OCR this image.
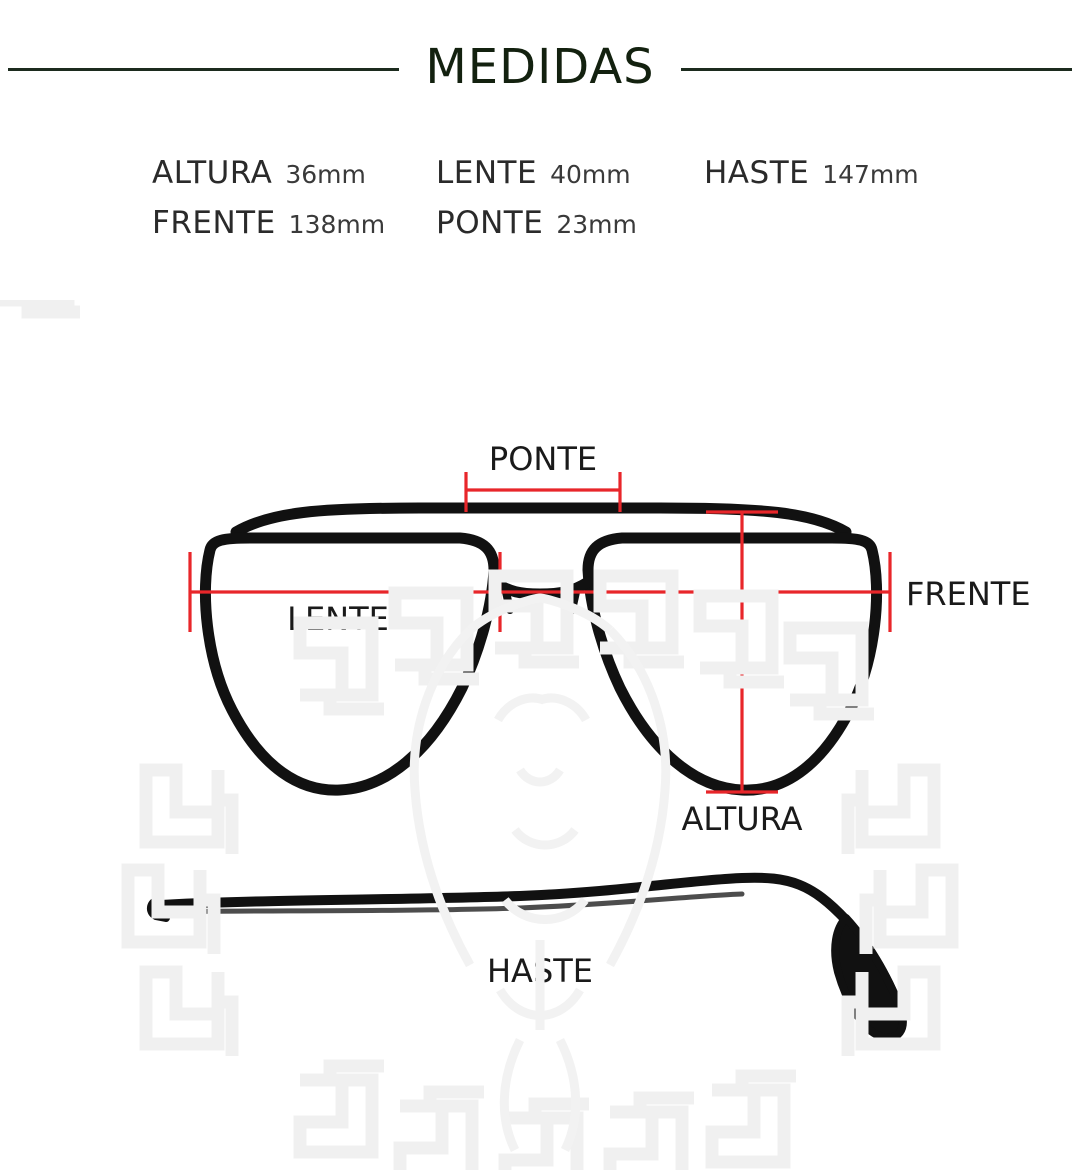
MEDIDAS
ALTURA 36mm LENTE 40mm HASTE 147mm
FRENTE 138mm PONTE 23mm
PONTE
LENTE
FRENTE
ALTURA
HASTE
